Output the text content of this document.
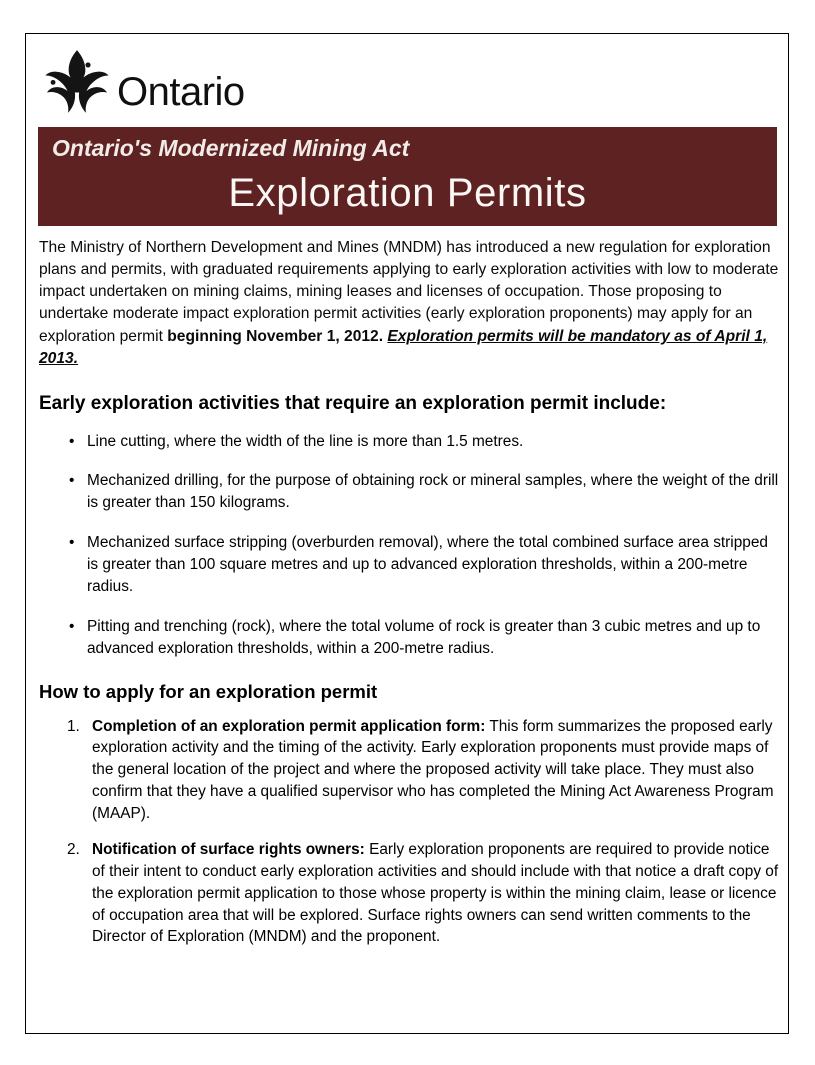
Ontario
Ontario's Modernized Mining Act
Exploration Permits

The Ministry of Northern Development and Mines (MNDM) has introduced a new regulation for exploration plans and permits, with graduated requirements applying to early exploration activities with low to moderate impact undertaken on mining claims, mining leases and licenses of occupation. Those proposing to undertake moderate impact exploration permit activities (early exploration proponents) may apply for an exploration permit beginning November 1, 2012. Exploration permits will be mandatory as of April 1, 2013.

Early exploration activities that require an exploration permit include:
• Line cutting, where the width of the line is more than 1.5 metres.
• Mechanized drilling, for the purpose of obtaining rock or mineral samples, where the weight of the drill is greater than 150 kilograms.
• Mechanized surface stripping (overburden removal), where the total combined surface area stripped is greater than 100 square metres and up to advanced exploration thresholds, within a 200-metre radius.
• Pitting and trenching (rock), where the total volume of rock is greater than 3 cubic metres and up to advanced exploration thresholds, within a 200-metre radius.
How to apply for an exploration permit
1. Completion of an exploration permit application form: This form summarizes the proposed early exploration activity and the timing of the activity. Early exploration proponents must provide maps of the general location of the project and where the proposed activity will take place. They must also confirm that they have a qualified supervisor who has completed the Mining Act Awareness Program (MAAP).
2. Notification of surface rights owners: Early exploration proponents are required to provide notice of their intent to conduct early exploration activities and should include with that notice a draft copy of the exploration permit application to those whose property is within the mining claim, lease or licence of occupation area that will be explored. Surface rights owners can send written comments to the Director of Exploration (MNDM) and the proponent.
